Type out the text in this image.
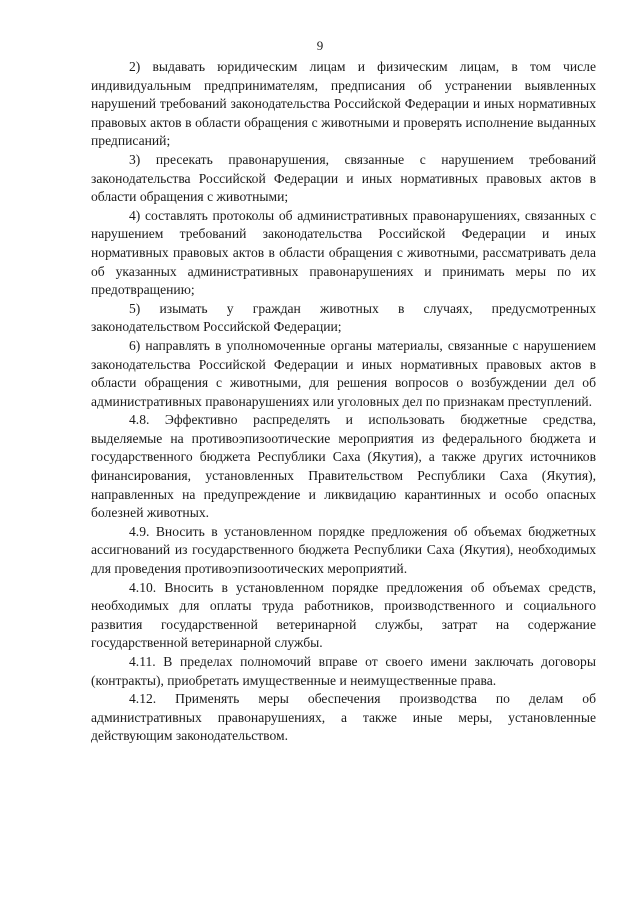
9

2) выдавать юридическим лицам и физическим лицам, в том числе индивидуальным предпринимателям, предписания об устранении выявленных нарушений требований законодательства Российской Федерации и иных нормативных правовых актов в области обращения с животными и проверять исполнение выданных предписаний;

3) пресекать правонарушения, связанные с нарушением требований законодательства Российской Федерации и иных нормативных правовых актов в области обращения с животными;

4) составлять протоколы об административных правонарушениях, связанных с нарушением требований законодательства Российской Федерации и иных нормативных правовых актов в области обращения с животными, рассматривать дела об указанных административных правонарушениях и принимать меры по их предотвращению;

5) изымать у граждан животных в случаях, предусмотренных законодательством Российской Федерации;

6) направлять в уполномоченные органы материалы, связанные с нарушением законодательства Российской Федерации и иных нормативных правовых актов в области обращения с животными, для решения вопросов о возбуждении дел об административных правонарушениях или уголовных дел по признакам преступлений.

4.8. Эффективно распределять и использовать бюджетные средства, выделяемые на противоэпизоотические мероприятия из федерального бюджета и государственного бюджета Республики Саха (Якутия), а также других источников финансирования, установленных Правительством Республики Саха (Якутия), направленных на предупреждение и ликвидацию карантинных и особо опасных болезней животных.

4.9. Вносить в установленном порядке предложения об объемах бюджетных ассигнований из государственного бюджета Республики Саха (Якутия), необходимых для проведения противоэпизоотических мероприятий.

4.10. Вносить в установленном порядке предложения об объемах средств, необходимых для оплаты труда работников, производственного и социального развития государственной ветеринарной службы, затрат на содержание государственной ветеринарной службы.

4.11. В пределах полномочий вправе от своего имени заключать договоры (контракты), приобретать имущественные и неимущественные права.

4.12. Применять меры обеспечения производства по делам об административных правонарушениях, а также иные меры, установленные действующим законодательством.
